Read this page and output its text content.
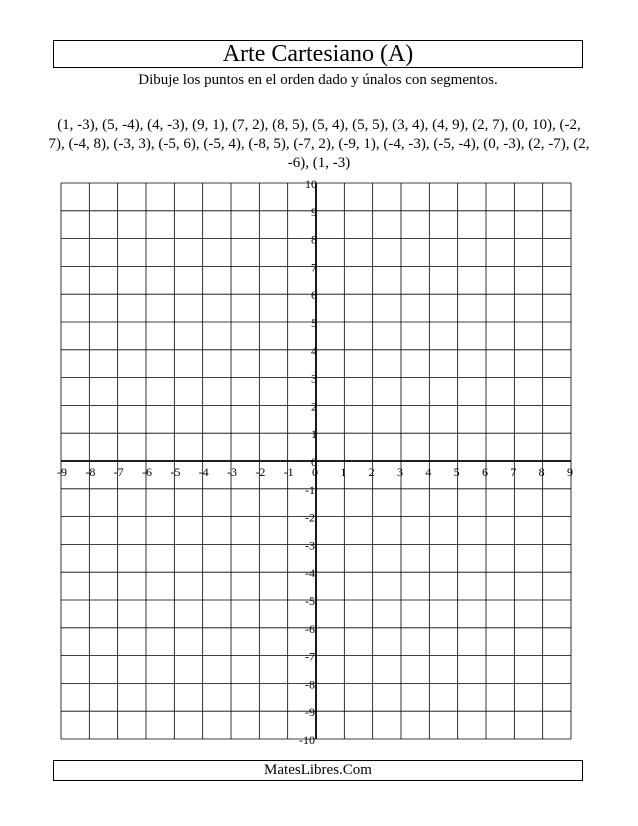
Arte Cartesiano (A)
Dibuje los puntos en el orden dado y únalos con segmentos.
(1, -3), (5, -4), (4, -3), (9, 1), (7, 2), (8, 5), (5, 4), (5, 5), (3, 4), (4, 9), (2, 7), (0, 10), (-2, 7), (-4, 8), (-3, 3), (-5, 6), (-5, 4), (-8, 5), (-7, 2), (-9, 1), (-4, -3), (-5, -4), (0, -3), (2, -7), (2, -6), (1, -3)
-9 -8 -7 -6 -5 -4 -3 -2 -1 0 1 2 3 4 5 6 7 8 9
10
9
8
7
6
5
4
3
2
1
0
-1
-2
-3
-4
-5
-6
-7
-8
-9
-10
MatesLibres.Com
